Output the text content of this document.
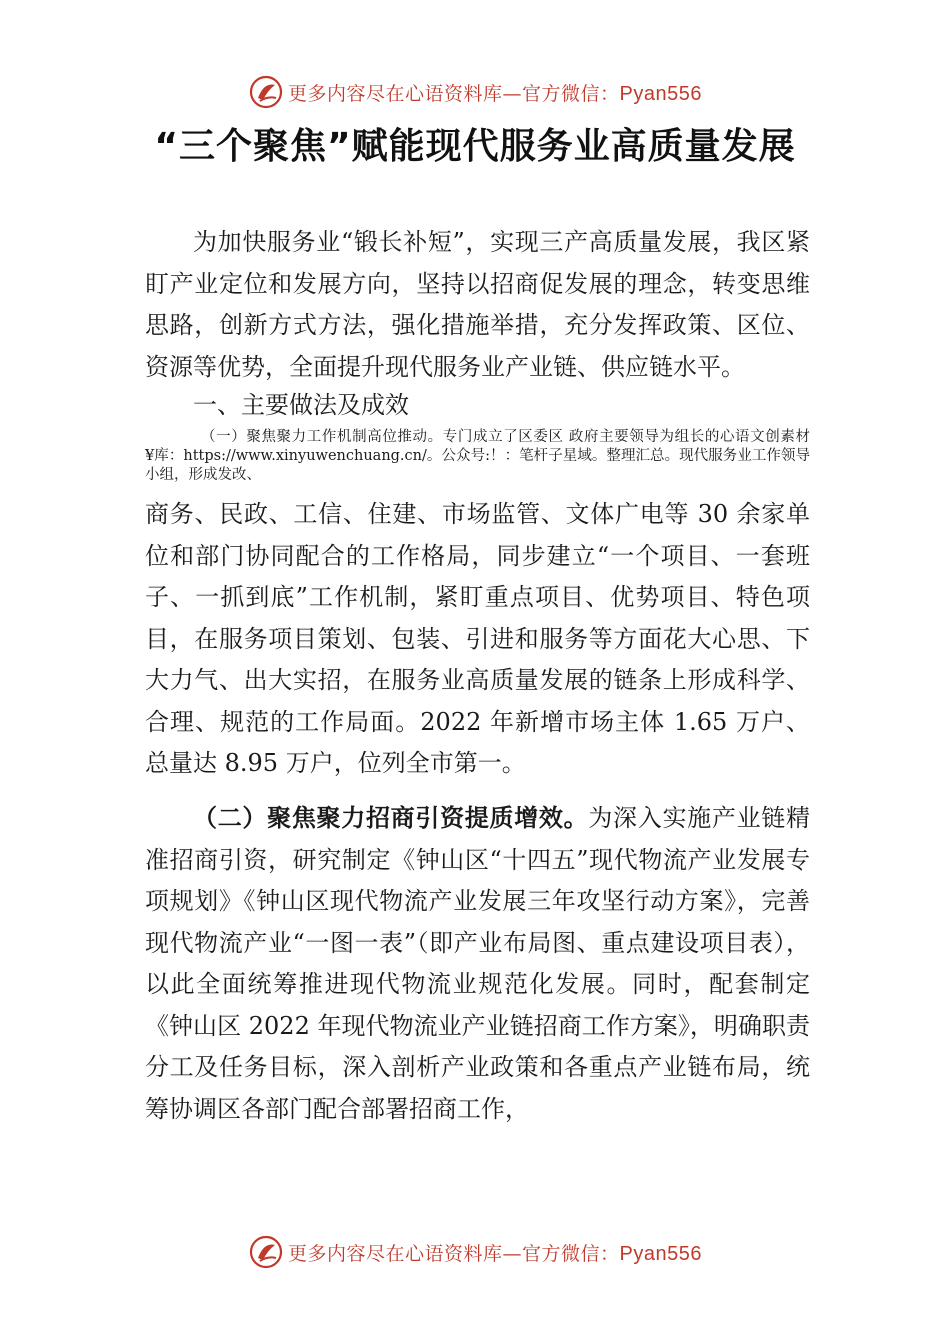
更多内容尽在心语资料库—官方微信：Pyan556
“三个聚焦”赋能现代服务业高质量发展

为加快服务业“锻长补短”，实现三产高质量发展，我区紧盯产业定位和发展方向，坚持以招商促发展的理念，转变思维思路，创新方式方法，强化措施举措，充分发挥政策、区位、资源等优势，全面提升现代服务业产业链、供应链水平。

一、主要做法及成效

（一）聚焦聚力工作机制高位推动。专门成立了区委区 政府主要领导为组长的心语文创素材¥库：https://www.xinyuwenchuang.cn/。公众号:！：笔杆子星域。整理汇总。现代服务业工作领导小组，形成发改、

商务、民政、工信、住建、市场监管、文体广电等 30 余家单位和部门协同配合的工作格局，同步建立“一个项目、一套班子、一抓到底”工作机制，紧盯重点项目、优势项目、特色项目，在服务项目策划、包装、引进和服务等方面花大心思、下大力气、出大实招，在服务业高质量发展的链条上形成科学、合理、规范的工作局面。2022 年新增市场主体 1.65 万户、总量达 8.95 万户，位列全市第一。

（二）聚焦聚力招商引资提质增效。为深入实施产业链精准招商引资，研究制定《钟山区“十四五”现代物流产业发展专项规划》《钟山区现代物流产业发展三年攻坚行动方案》，完善现代物流产业“一图一表”（即产业布局图、重点建设项目表），以此全面统筹推进现代物流业规范化发展。同时，配套制定《钟山区 2022 年现代物流业产业链招商工作方案》，明确职责分工及任务目标，深入剖析产业政策和各重点产业链布局，统筹协调区各部门配合部署招商工作，

更多内容尽在心语资料库—官方微信：Pyan556
